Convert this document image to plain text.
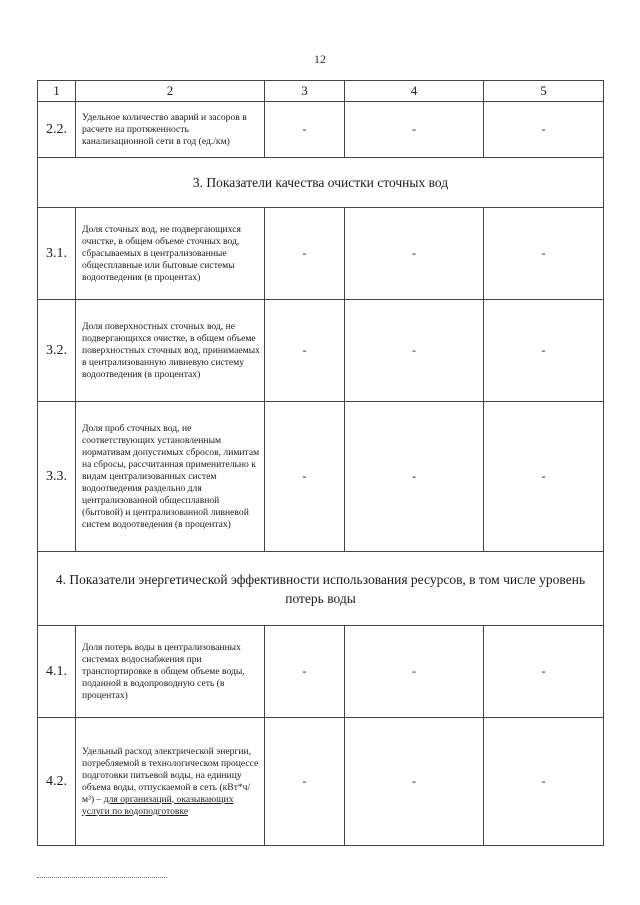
12
1	2	3	4	5
2.2.	Удельное количество аварий и засоров в расчете на протяженность канализационной сети в год (ед./км)	-	-	-
3. Показатели качества очистки сточных вод				
3.1.	Доля сточных вод, не подвергающихся очистке, в общем объеме сточных вод, сбрасываемых в централизованные общесплавные или бытовые системы водоотведения (в процентах)	-	-	-
3.2.	Доля поверхностных сточных вод, не подвергающихся очистке, в общем объеме поверхностных сточных вод, принимаемых в централизованную ливневую систему водоотведения (в процентах)	-	-	-
3.3.	Доля проб сточных вод, не соответствующих установленным нормативам допустимых сбросов, лимитам на сбросы, рассчитанная применительно к видам централизованных систем водоотведения раздельно для централизованной общесплавной (бытовой) и централизованной ливневой систем водоотведения (в процентах)	-	-	-
4. Показатели энергетической эффективности использования ресурсов, в том числе уровень потерь воды				
4.1.	Доля потерь воды в централизованных системах водоснабжения при транспортировке в общем объеме воды, поданной в водопроводную сеть (в процентах)	-	-	-
4.2.	Удельный расход электрической энергии, потребляемой в технологическом процессе подготовки питьевой воды, на единицу объема воды, отпускаемой в сеть (кВт*ч/м³) – для организаций, оказывающих услуги по водоподготовке	-	-	-
